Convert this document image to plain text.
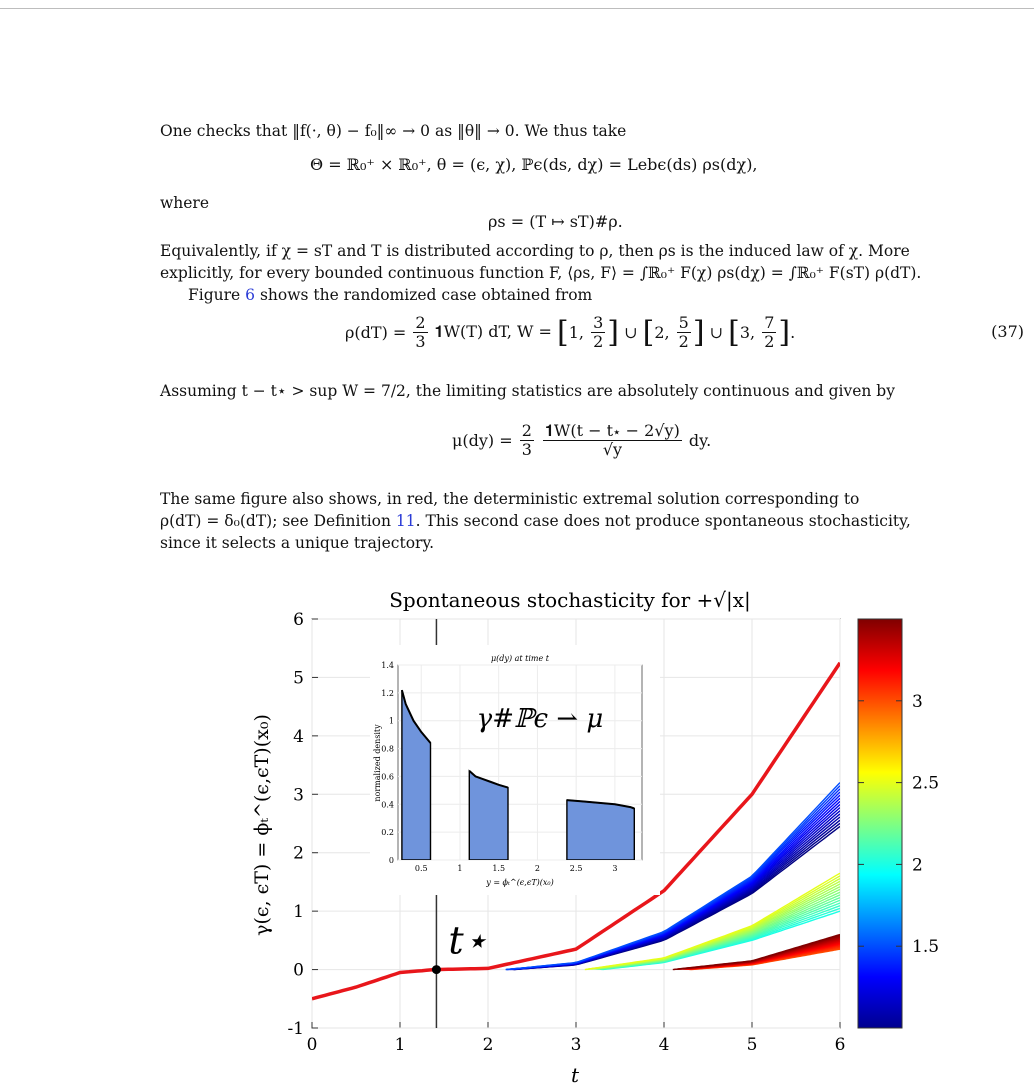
One checks that ‖f(·, θ) − f₀‖∞ → 0 as ‖θ‖ → 0. We thus take
Θ = ℝ₀⁺ × ℝ₀⁺, θ = (ϵ, χ), ℙϵ(ds, dχ) = Lebϵ(ds) ρs(dχ),
where
ρs = (T ↦ sT)#ρ.
Equivalently, if χ = sT and T is distributed according to ρ, then ρs is the induced law of χ. More
explicitly, for every bounded continuous function F, ⟨ρs, F⟩ = ∫ℝ₀⁺ F(χ) ρs(dχ) = ∫ℝ₀⁺ F(sT) ρ(dT).
Figure 6 shows the randomized case obtained from
ρ(dT) =
$\frac{2}{3}$
𝟏W(T) dT, W =
[ 1,
$\frac{3}{2}$ ] ∪ [ 2,
$\frac{5}{2}$ ] ∪ [ 3,
$\frac{7}{2}$ ] .	(37)
Assuming t − t⋆ > sup W = 7/2, the limiting statistics are absolutely continuous and given by
μ(dy) =
$\frac{2}{3}$
$\frac{𝟏W(t - t⋆ - 2√y)}{√y}$
dy.
The same figure also shows, in red, the deterministic extremal solution corresponding to
ρ(dT) = δ₀(dT); see Definition 11. This second case does not produce spontaneous stochasticity,
since it selects a unique trajectory.
Spontaneous stochasticity for +√|x|
0	1	2	3	4	5	6
-1
0
1
2
3
4
5
6
t⋆
t
γ(ϵ, ϵT) = ϕₜ^(ϵ,ϵT)(x₀)	0.5	1	1.5	2	2.5	3
0
0.2
0.4
0.6
0.8
1
1.2
1.4
μ(dy) at time t
y = ϕₜ^(ϵ,ϵT)(x₀)
normalized density
γ#ℙϵ ⇀ μ
1.5
2
2.5
3
